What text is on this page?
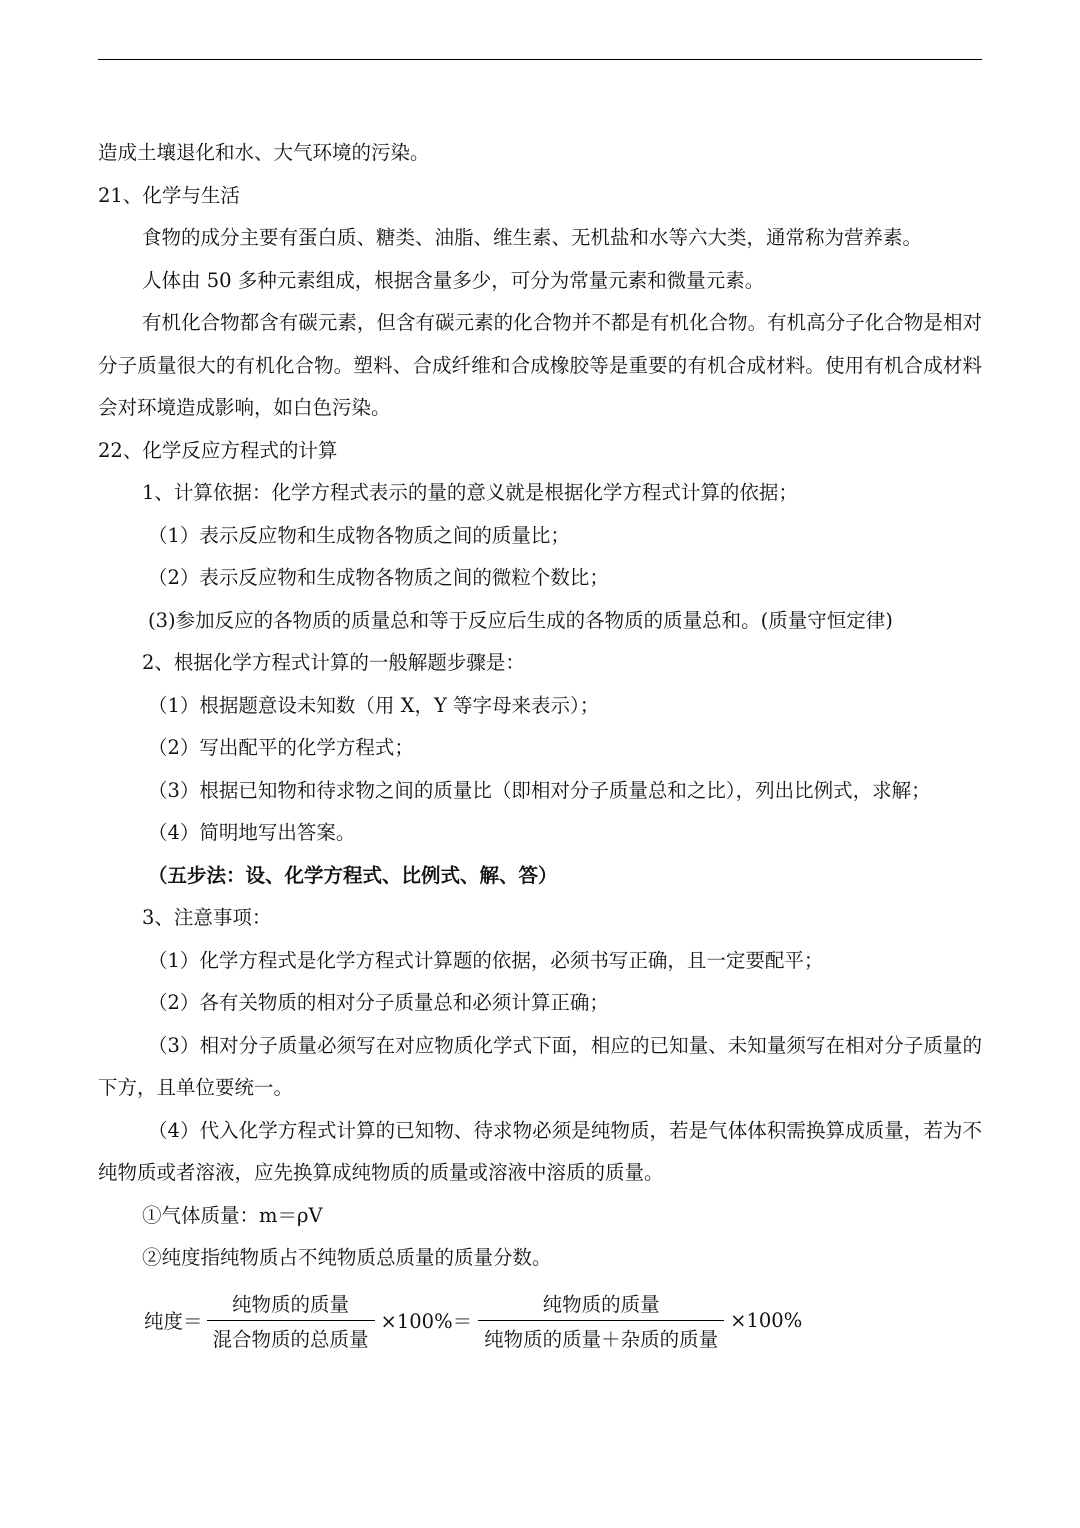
造成土壤退化和水、大气环境的污染。

21、化学与生活

食物的成分主要有蛋白质、糖类、油脂、维生素、无机盐和水等六大类，通常称为营养素。

人体由 50 多种元素组成，根据含量多少，可分为常量元素和微量元素。

有机化合物都含有碳元素，但含有碳元素的化合物并不都是有机化合物。有机高分子化合物是相对分子质量很大的有机化合物。塑料、合成纤维和合成橡胶等是重要的有机合成材料。使用有机合成材料会对环境造成影响，如白色污染。

22、化学反应方程式的计算

1、计算依据：化学方程式表示的量的意义就是根据化学方程式计算的依据；

（1）表示反应物和生成物各物质之间的质量比；

（2）表示反应物和生成物各物质之间的微粒个数比；

(3)参加反应的各物质的质量总和等于反应后生成的各物质的质量总和。(质量守恒定律)

2、根据化学方程式计算的一般解题步骤是：

（1）根据题意设未知数（用 X，Y 等字母来表示）；

（2）写出配平的化学方程式；

（3）根据已知物和待求物之间的质量比（即相对分子质量总和之比），列出比例式，求解；

（4）简明地写出答案。

（五步法：设、化学方程式、比例式、解、答）

3、注意事项：

（1）化学方程式是化学方程式计算题的依据，必须书写正确，且一定要配平；

（2）各有关物质的相对分子质量总和必须计算正确；

（3）相对分子质量必须写在对应物质化学式下面，相应的已知量、未知量须写在相对分子质量的下方，且单位要统一。

（4）代入化学方程式计算的已知物、待求物必须是纯物质，若是气体体积需换算成质量，若为不纯物质或者溶液，应先换算成纯物质的质量或溶液中溶质的质量。

①气体质量：m＝ρV

②纯度指纯物质占不纯物质总质量的质量分数。

纯度＝ $\frac{\text{纯物质的质量}}{\text{混合物质的总质量}} \times 100\%= \frac{\text{纯物质的质量}}{\text{纯物质的质量＋杂质的质量}} \times 100\%$
